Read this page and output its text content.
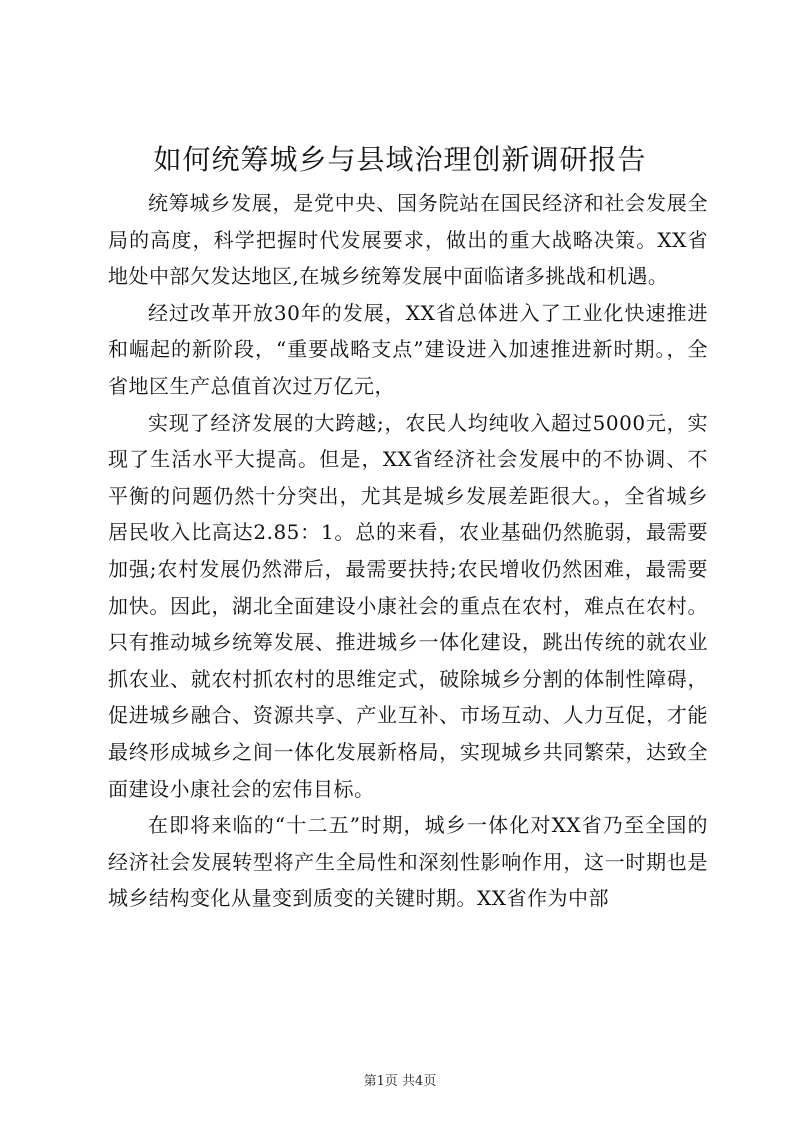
如何统筹城乡与县域治理创新调研报告

统筹城乡发展，是党中央、国务院站在国民经济和社会发展全局的高度，科学把握时代发展要求，做出的重大战略决策。XX省地处中部欠发达地区,在城乡统筹发展中面临诸多挑战和机遇。

经过改革开放30年的发展，XX省总体进入了工业化快速推进和崛起的新阶段，“重要战略支点”建设进入加速推进新时期。，全省地区生产总值首次过万亿元，

实现了经济发展的大跨越;，农民人均纯收入超过5000元，实现了生活水平大提高。但是，XX省经济社会发展中的不协调、不平衡的问题仍然十分突出，尤其是城乡发展差距很大。，全省城乡居民收入比高达2.85：1。总的来看，农业基础仍然脆弱，最需要加强;农村发展仍然滞后，最需要扶持;农民增收仍然困难，最需要加快。因此，湖北全面建设小康社会的重点在农村，难点在农村。只有推动城乡统筹发展、推进城乡一体化建设，跳出传统的就农业抓农业、就农村抓农村的思维定式，破除城乡分割的体制性障碍，促进城乡融合、资源共享、产业互补、市场互动、人力互促，才能最终形成城乡之间一体化发展新格局，实现城乡共同繁荣，达致全面建设小康社会的宏伟目标。

在即将来临的“十二五”时期，城乡一体化对XX省乃至全国的经济社会发展转型将产生全局性和深刻性影响作用，这一时期也是城乡结构变化从量变到质变的关键时期。XX省作为中部

第1页 共4页
